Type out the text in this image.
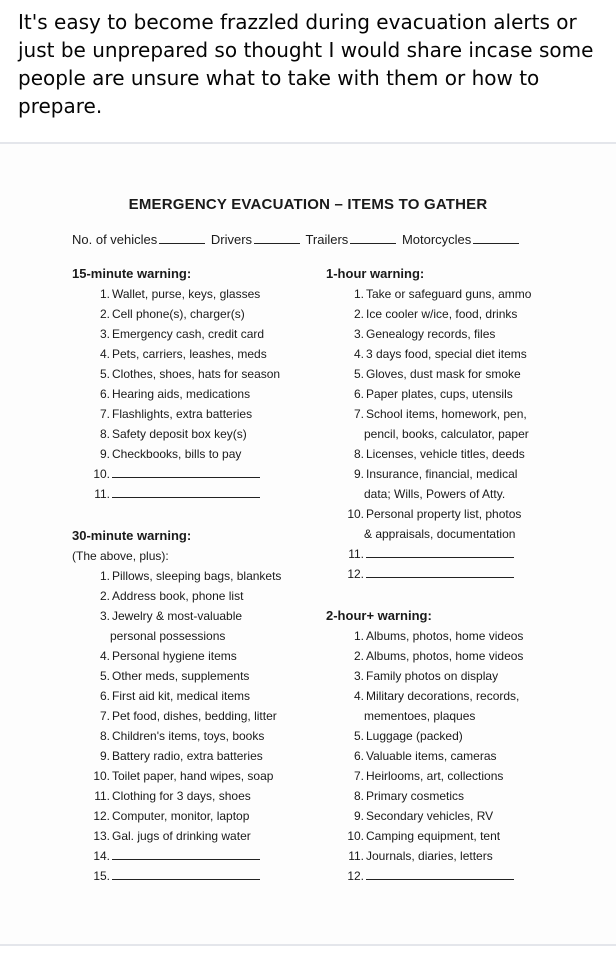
It's easy to become frazzled during evacuation alerts or just be unprepared so thought I would share incase some people are unsure what to take with them or how to prepare.
EMERGENCY EVACUATION – ITEMS TO GATHER
No. of vehicles	Drivers	Trailers	Motorcycles
15-minute warning:
1. Wallet, purse, keys, glasses
2. Cell phone(s), charger(s)
3. Emergency cash, credit card
4. Pets, carriers, leashes, meds
5. Clothes, shoes, hats for season
6. Hearing aids, medications
7. Flashlights, extra batteries
8. Safety deposit box key(s)
9. Checkbooks, bills to pay
10.
11.
30-minute warning:
(The above, plus):
1. Pillows, sleeping bags, blankets
2. Address book, phone list
3. Jewelry & most-valuable
personal possessions
4. Personal hygiene items
5. Other meds, supplements
6. First aid kit, medical items
7. Pet food, dishes, bedding, litter
8. Children's items, toys, books
9. Battery radio, extra batteries
10. Toilet paper, hand wipes, soap
11. Clothing for 3 days, shoes
12. Computer, monitor, laptop
13. Gal. jugs of drinking water
14.
15.
1-hour warning:
1. Take or safeguard guns, ammo
2. Ice cooler w/ice, food, drinks
3. Genealogy records, files
4. 3 days food, special diet items
5. Gloves, dust mask for smoke
6. Paper plates, cups, utensils
7. School items, homework, pen,
pencil, books, calculator, paper
8. Licenses, vehicle titles, deeds
9. Insurance, financial, medical
data; Wills, Powers of Atty.
10. Personal property list, photos
& appraisals, documentation
11.
12.
2-hour+ warning:
1. Albums, photos, home videos
2. Albums, photos, home videos
3. Family photos on display
4. Military decorations, records,
mementoes, plaques
5. Luggage (packed)
6. Valuable items, cameras
7. Heirlooms, art, collections
8. Primary cosmetics
9. Secondary vehicles, RV
10. Camping equipment, tent
11. Journals, diaries, letters
12.
